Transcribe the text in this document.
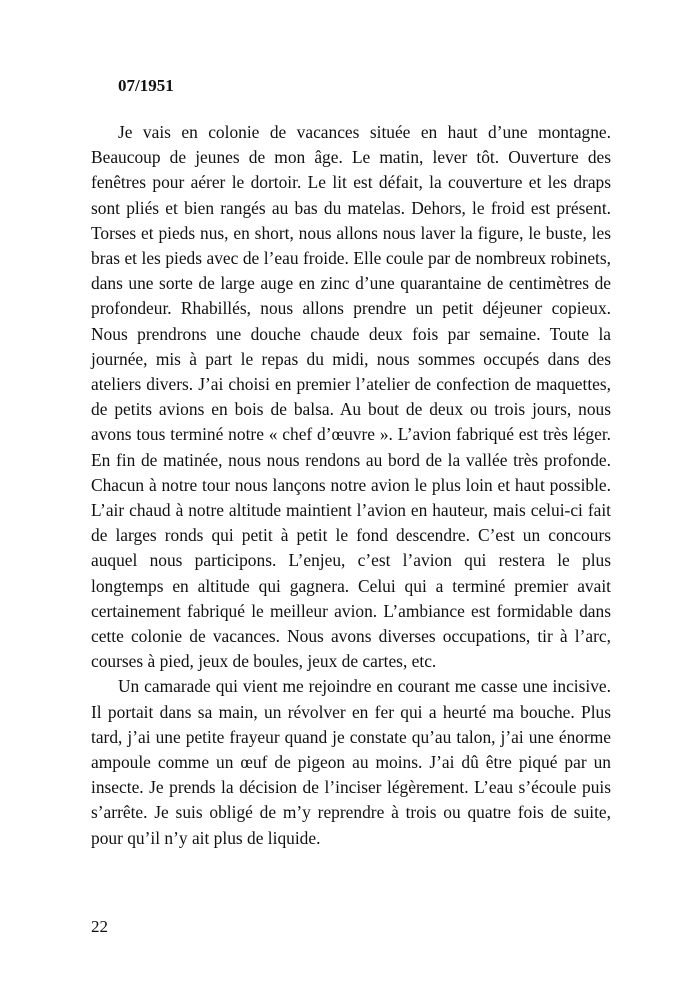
07/1951

Je vais en colonie de vacances située en haut d’une montagne. Beaucoup de jeunes de mon âge. Le matin, lever tôt. Ouverture des fenêtres pour aérer le dortoir. Le lit est défait, la couverture et les draps sont pliés et bien rangés au bas du matelas. Dehors, le froid est présent. Torses et pieds nus, en short, nous allons nous laver la figure, le buste, les bras et les pieds avec de l’eau froide. Elle coule par de nombreux robinets, dans une sorte de large auge en zinc d’une quarantaine de centimètres de profondeur. Rhabillés, nous allons prendre un petit déjeuner copieux. Nous prendrons une douche chaude deux fois par semaine. Toute la journée, mis à part le repas du midi, nous sommes occupés dans des ateliers divers. J’ai choisi en premier l’atelier de confection de maquettes, de petits avions en bois de balsa. Au bout de deux ou trois jours, nous avons tous terminé notre « chef d’œuvre ». L’avion fabriqué est très léger. En fin de matinée, nous nous rendons au bord de la vallée très profonde. Chacun à notre tour nous lançons notre avion le plus loin et haut possible. L’air chaud à notre altitude maintient l’avion en hauteur, mais celui-ci fait de larges ronds qui petit à petit le fond descendre. C’est un concours auquel nous participons. L’enjeu, c’est l’avion qui restera le plus longtemps en altitude qui gagnera. Celui qui a terminé premier avait certainement fabriqué le meilleur avion. L’ambiance est formidable dans cette colonie de vacances. Nous avons diverses occupations, tir à l’arc, courses à pied, jeux de boules, jeux de cartes, etc.

Un camarade qui vient me rejoindre en courant me casse une incisive. Il portait dans sa main, un révolver en fer qui a heurté ma bouche. Plus tard, j’ai une petite frayeur quand je constate qu’au talon, j’ai une énorme ampoule comme un œuf de pigeon au moins. J’ai dû être piqué par un insecte. Je prends la décision de l’inciser légèrement. L’eau s’écoule puis s’arrête. Je suis obligé de m’y reprendre à trois ou quatre fois de suite, pour qu’il n’y ait plus de liquide.

22
